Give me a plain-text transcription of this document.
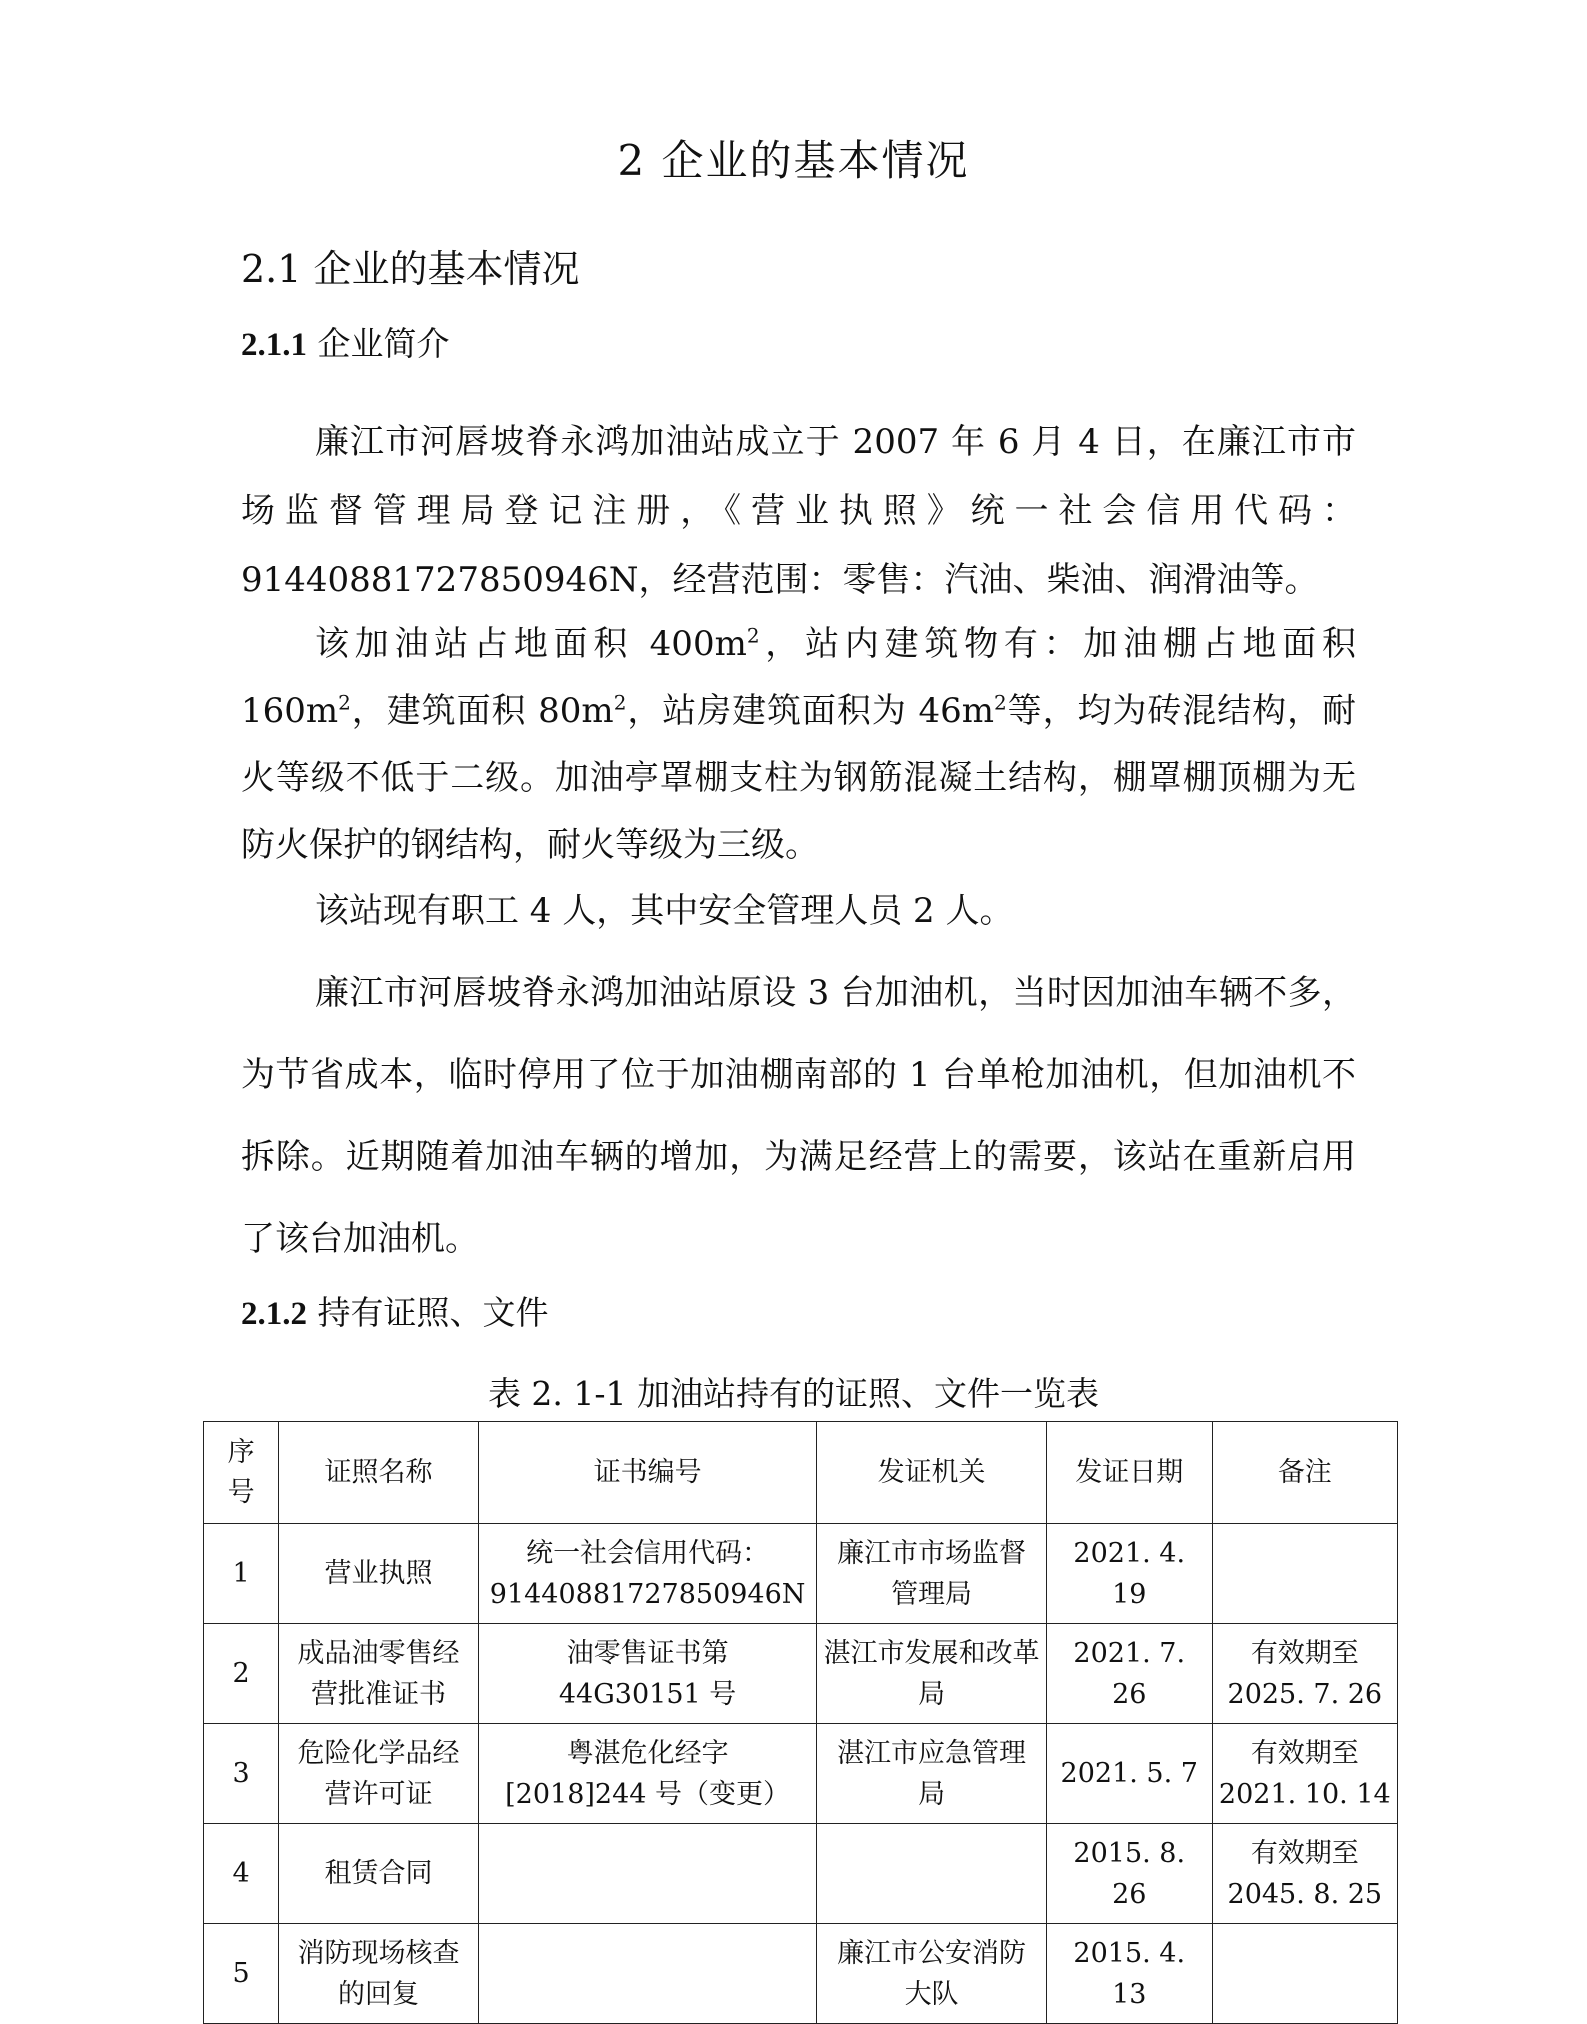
2 企业的基本情况
2.1 企业的基本情况
2.1.1 企业简介

廉江市河唇坡脊永鸿加油站成立于 2007 年 6 月 4 日，在廉江市市场监督管理局登记注册，《营业执照》统一社会信用代码：91440881727850946N，经营范围：零售：汽油、柴油、润滑油等。

该加油站占地面积 $400m^2$，站内建筑物有：加油棚占地面积 $160m^2$，建筑面积 $80m^2$，站房建筑面积为 $46m^2$等，均为砖混结构，耐火等级不低于二级。加油亭罩棚支柱为钢筋混凝土结构，棚罩棚顶棚为无防火保护的钢结构，耐火等级为三级。

该站现有职工 4 人，其中安全管理人员 2 人。

廉江市河唇坡脊永鸿加油站原设 3 台加油机，当时因加油车辆不多，为节省成本，临时停用了位于加油棚南部的 1 台单枪加油机，但加油机不拆除。近期随着加油车辆的增加，为满足经营上的需要，该站在重新启用了该台加油机。

2.1.2 持有证照、文件

表 2. 1-1 加油站持有的证照、文件一览表

序号	证照名称	证书编号	发证机关	发证日期	备注
1	营业执照	统一社会信用代码：
91440881727850946N	廉江市市场监督
管理局	2021. 4. 19	
2	成品油零售经
营批准证书	油零售证书第
44G30151 号	湛江市发展和改革
局	2021. 7. 26	有效期至
2025. 7. 26

3	危险化学品经
营许可证	粤湛危化经字
[2018]244 号（变更）	湛江市应急管理
局	2021. 5. 7	有效期至
2021. 10. 14

4	租赁合同			2015. 8. 26	有效期至
2045. 8. 25

5	消防现场核查
的回复		廉江市公安消防
大队	2015. 4. 13	
